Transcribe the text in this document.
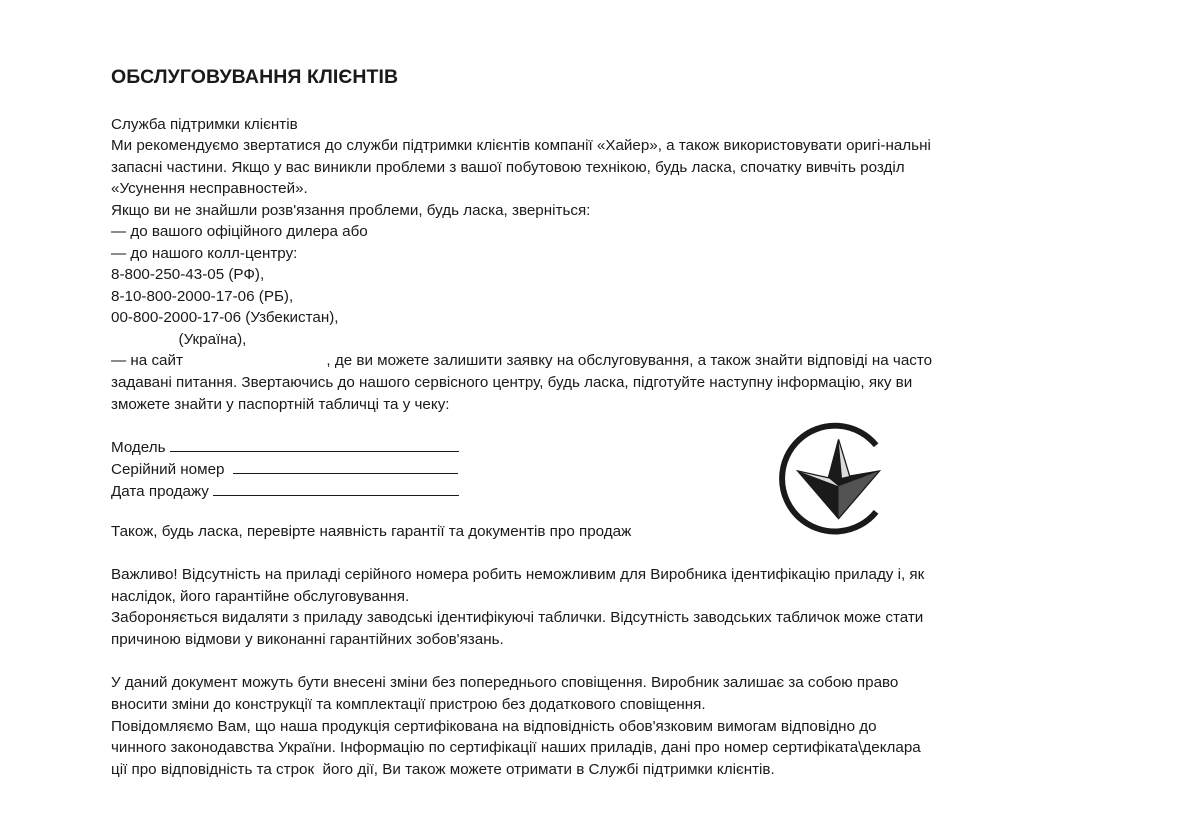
ОБСЛУГОВУВАННЯ КЛІЄНТІВ
Служба підтримки клієнтів
Ми рекомендуємо звертатися до служби підтримки клієнтів компанії «Хайер», а також використовувати оригі-нальні
запасні частини. Якщо у вас виникли проблеми з вашої побутовою технікою, будь ласка, спочатку вивчіть розділ
«Усунення несправностей».
Якщо ви не знайшли розв'язання проблеми, будь ласка, зверніться:
— до вашого офіційного дилера або
— до нашого колл-центру:
8-800-250-43-05 (РФ),
8-10-800-2000-17-06 (РБ),
00-800-2000-17-06 (Узбекистан),
(Україна),
— на сайт                                  , де ви можете залишити заявку на обслуговування, а також знайти відповіді на часто
задавані питання. Звертаючись до нашого сервісного центру, будь ласка, підготуйте наступну інформацію, яку ви
зможете знайти у паспортній табличці та у чеку:
Модель
Серійний номер
Дата продажу
Також, будь ласка, перевірте наявність гарантії та документів про продаж
Важливо! Відсутність на приладі серійного номера робить неможливим для Виробника ідентифікацію приладу і, як
наслідок, його гарантійне обслуговування.
Забороняється видаляти з приладу заводські ідентифікуючі таблички. Відсутність заводських табличок може стати
причиною відмови у виконанні гарантійних зобов'язань.
У даний документ можуть бути внесені зміни без попереднього сповіщення. Виробник залишає за собою право
вносити зміни до конструкції та комплектації пристрою без додаткового сповіщення.
Повідомляємо Вам, що наша продукція сертифікована на відповідність обов'язковим вимогам відповідно до
чинного законодавства України. Інформацію по сертифікації наших приладів, дані про номер сертифіката\деклара
ції про відповідність та строк  його дії, Ви також можете отримати в Службі підтримки клієнтів.
